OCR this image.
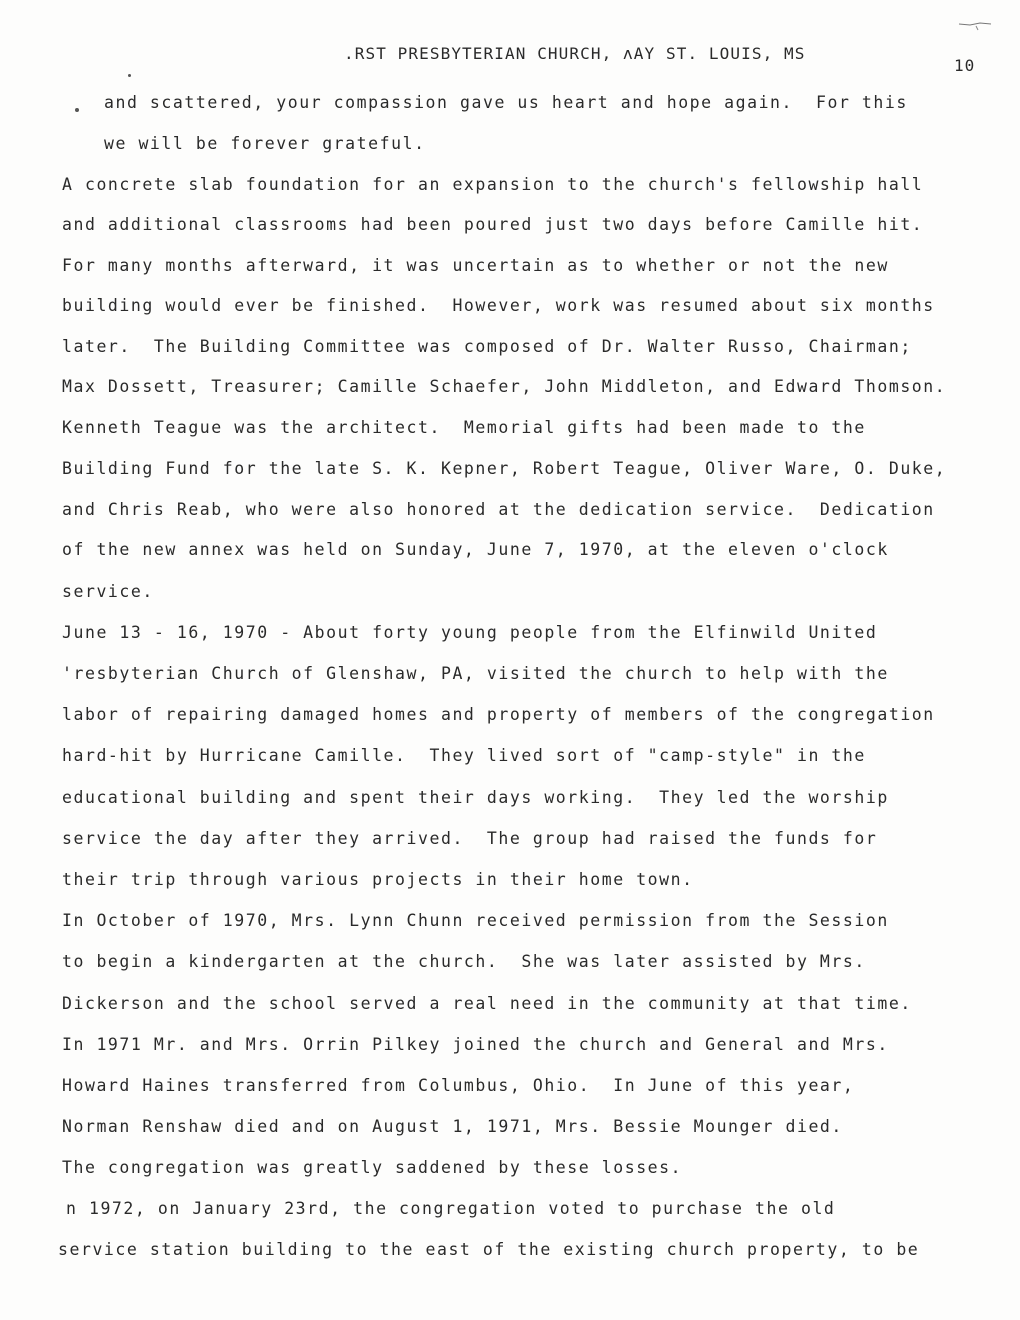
.RST PRESBYTERIAN CHURCH, ʌAY ST. LOUIS, MS
10
and scattered, your compassion gave us heart and hope again.  For this
we will be forever grateful.
A concrete slab foundation for an expansion to the church's fellowship hall
and additional classrooms had been poured just two days before Camille hit.
For many months afterward, it was uncertain as to whether or not the new
building would ever be finished.  However, work was resumed about six months
later.  The Building Committee was composed of Dr. Walter Russo, Chairman;
Max Dossett, Treasurer; Camille Schaefer, John Middleton, and Edward Thomson.
Kenneth Teague was the architect.  Memorial gifts had been made to the
Building Fund for the late S. K. Kepner, Robert Teague, Oliver Ware, O. Duke,
and Chris Reab, who were also honored at the dedication service.  Dedication
of the new annex was held on Sunday, June 7, 1970, at the eleven o'clock
service.
June 13 - 16, 1970 - About forty young people from the Elfinwild United
'resbyterian Church of Glenshaw, PA, visited the church to help with the
labor of repairing damaged homes and property of members of the congregation
hard-hit by Hurricane Camille.  They lived sort of "camp-style" in the
educational building and spent their days working.  They led the worship
service the day after they arrived.  The group had raised the funds for
their trip through various projects in their home town.
In October of 1970, Mrs. Lynn Chunn received permission from the Session
to begin a kindergarten at the church.  She was later assisted by Mrs.
Dickerson and the school served a real need in the community at that time.
In 1971 Mr. and Mrs. Orrin Pilkey joined the church and General and Mrs.
Howard Haines transferred from Columbus, Ohio.  In June of this year,
Norman Renshaw died and on August 1, 1971, Mrs. Bessie Mounger died.
The congregation was greatly saddened by these losses.
n 1972, on January 23rd, the congregation voted to purchase the old
service station building to the east of the existing church property, to be
